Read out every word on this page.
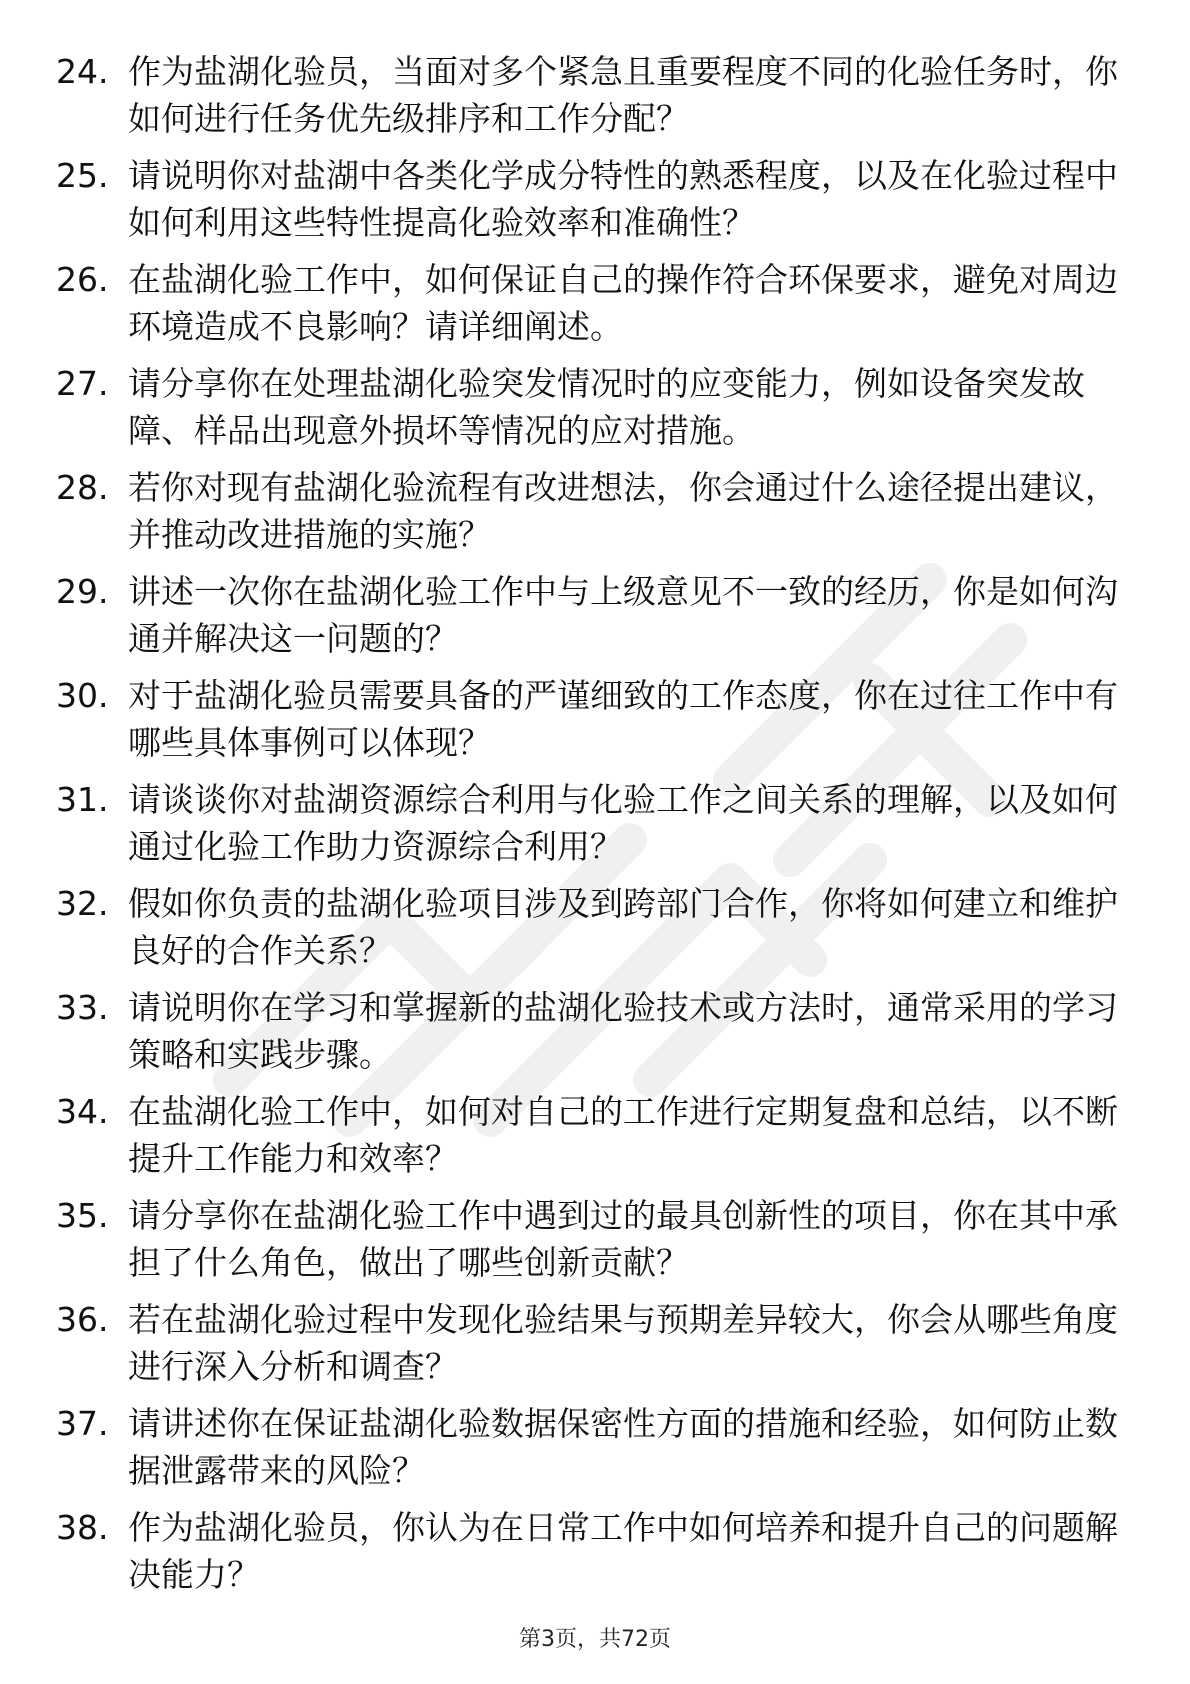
24. 作为盐湖化验员，当面对多个紧急且重要程度不同的化验任务时，你如何进行任务优先级排序和工作分配？
25. 请说明你对盐湖中各类化学成分特性的熟悉程度，以及在化验过程中如何利用这些特性提高化验效率和准确性？
26. 在盐湖化验工作中，如何保证自己的操作符合环保要求，避免对周边环境造成不良影响？请详细阐述。
27. 请分享你在处理盐湖化验突发情况时的应变能力，例如设备突发故障、样品出现意外损坏等情况的应对措施。
28. 若你对现有盐湖化验流程有改进想法，你会通过什么途径提出建议，并推动改进措施的实施？
29. 讲述一次你在盐湖化验工作中与上级意见不一致的经历，你是如何沟通并解决这一问题的？
30. 对于盐湖化验员需要具备的严谨细致的工作态度，你在过往工作中有哪些具体事例可以体现？
31. 请谈谈你对盐湖资源综合利用与化验工作之间关系的理解，以及如何通过化验工作助力资源综合利用？
32. 假如你负责的盐湖化验项目涉及到跨部门合作，你将如何建立和维护良好的合作关系？
33. 请说明你在学习和掌握新的盐湖化验技术或方法时，通常采用的学习策略和实践步骤。
34. 在盐湖化验工作中，如何对自己的工作进行定期复盘和总结，以不断提升工作能力和效率？
35. 请分享你在盐湖化验工作中遇到过的最具创新性的项目，你在其中承担了什么角色，做出了哪些创新贡献？
36. 若在盐湖化验过程中发现化验结果与预期差异较大，你会从哪些角度进行深入分析和调查？
37. 请讲述你在保证盐湖化验数据保密性方面的措施和经验，如何防止数据泄露带来的风险？
38. 作为盐湖化验员，你认为在日常工作中如何培养和提升自己的问题解决能力？
第3页，共72页
